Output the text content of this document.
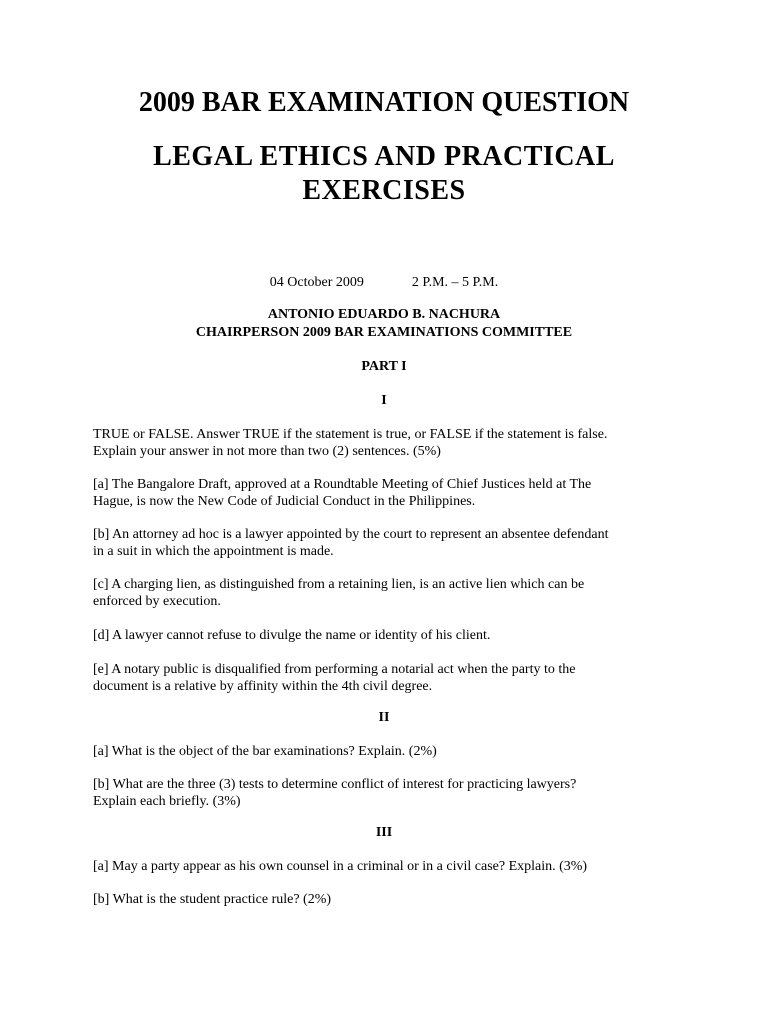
2009 BAR EXAMINATION QUESTION
LEGAL ETHICS AND PRACTICAL
EXERCISES
04 October 2009	2 P.M. – 5 P.M.
ANTONIO EDUARDO B. NACHURA
CHAIRPERSON 2009 BAR EXAMINATIONS COMMITTEE
PART I
I
TRUE or FALSE. Answer TRUE if the statement is true, or FALSE if the statement is false.
Explain your answer in not more than two (2) sentences. (5%)
[a] The Bangalore Draft, approved at a Roundtable Meeting of Chief Justices held at The
Hague, is now the New Code of Judicial Conduct in the Philippines.
[b] An attorney ad hoc is a lawyer appointed by the court to represent an absentee defendant
in a suit in which the appointment is made.
[c] A charging lien, as distinguished from a retaining lien, is an active lien which can be
enforced by execution.
[d] A lawyer cannot refuse to divulge the name or identity of his client.
[e] A notary public is disqualified from performing a notarial act when the party to the
document is a relative by affinity within the 4th civil degree.
II
[a] What is the object of the bar examinations? Explain. (2%)
[b] What are the three (3) tests to determine conflict of interest for practicing lawyers?
Explain each briefly. (3%)
III
[a] May a party appear as his own counsel in a criminal or in a civil case? Explain. (3%)
[b] What is the student practice rule? (2%)
